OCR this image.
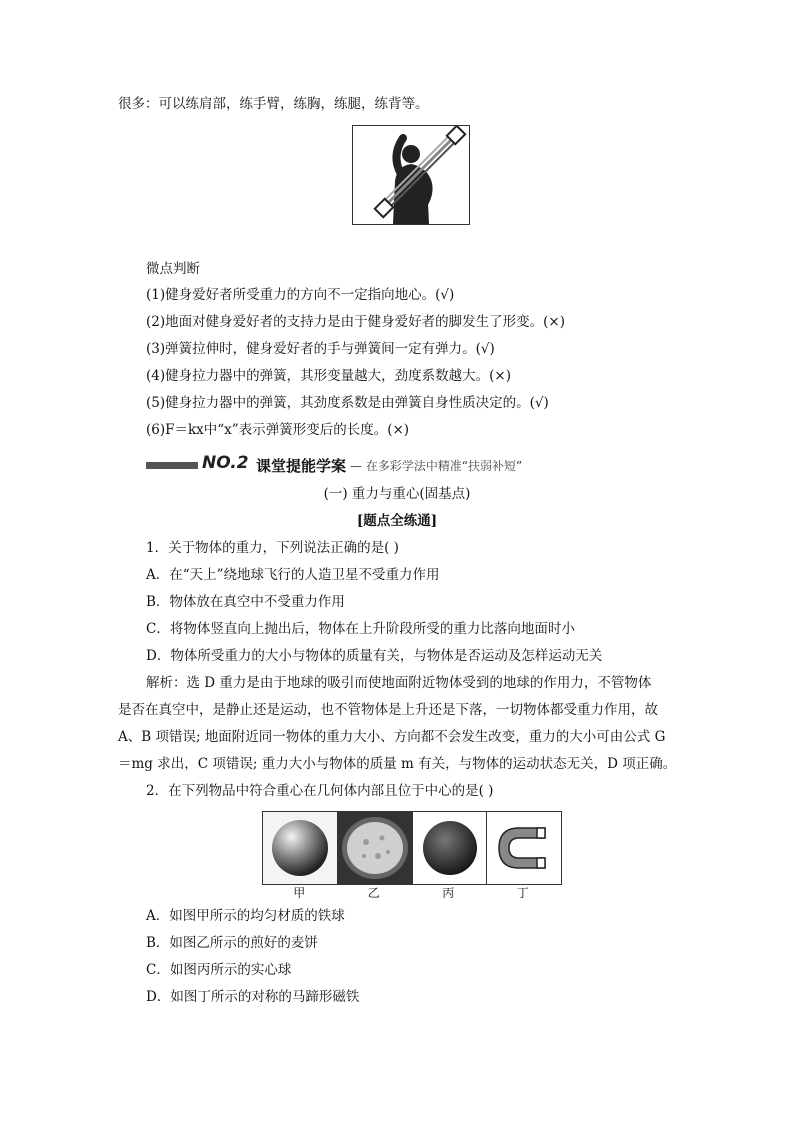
很多：可以练肩部，练手臂，练胸，练腿，练背等。
微点判断
(1)健身爱好者所受重力的方向不一定指向地心。(√)
(2)地面对健身爱好者的支持力是由于健身爱好者的脚发生了形变。(×)
(3)弹簧拉伸时，健身爱好者的手与弹簧间一定有弹力。(√)
(4)健身拉力器中的弹簧，其形变量越大，劲度系数越大。(×)
(5)健身拉力器中的弹簧，其劲度系数是由弹簧自身性质决定的。(√)
(6)F＝kx中“x”表示弹簧形变后的长度。(×)
NO.2 课堂提能学案 — 在多彩学法中精准“扶弱补短”
(一) 重力与重心(固基点)
[题点全练通]
1．关于物体的重力，下列说法正确的是( )
A．在“天上”绕地球飞行的人造卫星不受重力作用
B．物体放在真空中不受重力作用
C．将物体竖直向上抛出后，物体在上升阶段所受的重力比落向地面时小
D．物体所受重力的大小与物体的质量有关，与物体是否运动及怎样运动无关
解析：选 D 重力是由于地球的吸引而使地面附近物体受到的地球的作用力，不管物体
是否在真空中，是静止还是运动，也不管物体是上升还是下落，一切物体都受重力作用，故
A、B 项错误; 地面附近同一物体的重力大小、方向都不会发生改变，重力的大小可由公式 G
＝mg 求出，C 项错误; 重力大小与物体的质量 m 有关，与物体的运动状态无关，D 项正确。
2．在下列物品中符合重心在几何体内部且位于中心的是( )
甲	乙	丙	丁
A．如图甲所示的均匀材质的铁球
B．如图乙所示的煎好的麦饼
C．如图丙所示的实心球
D．如图丁所示的对称的马蹄形磁铁
